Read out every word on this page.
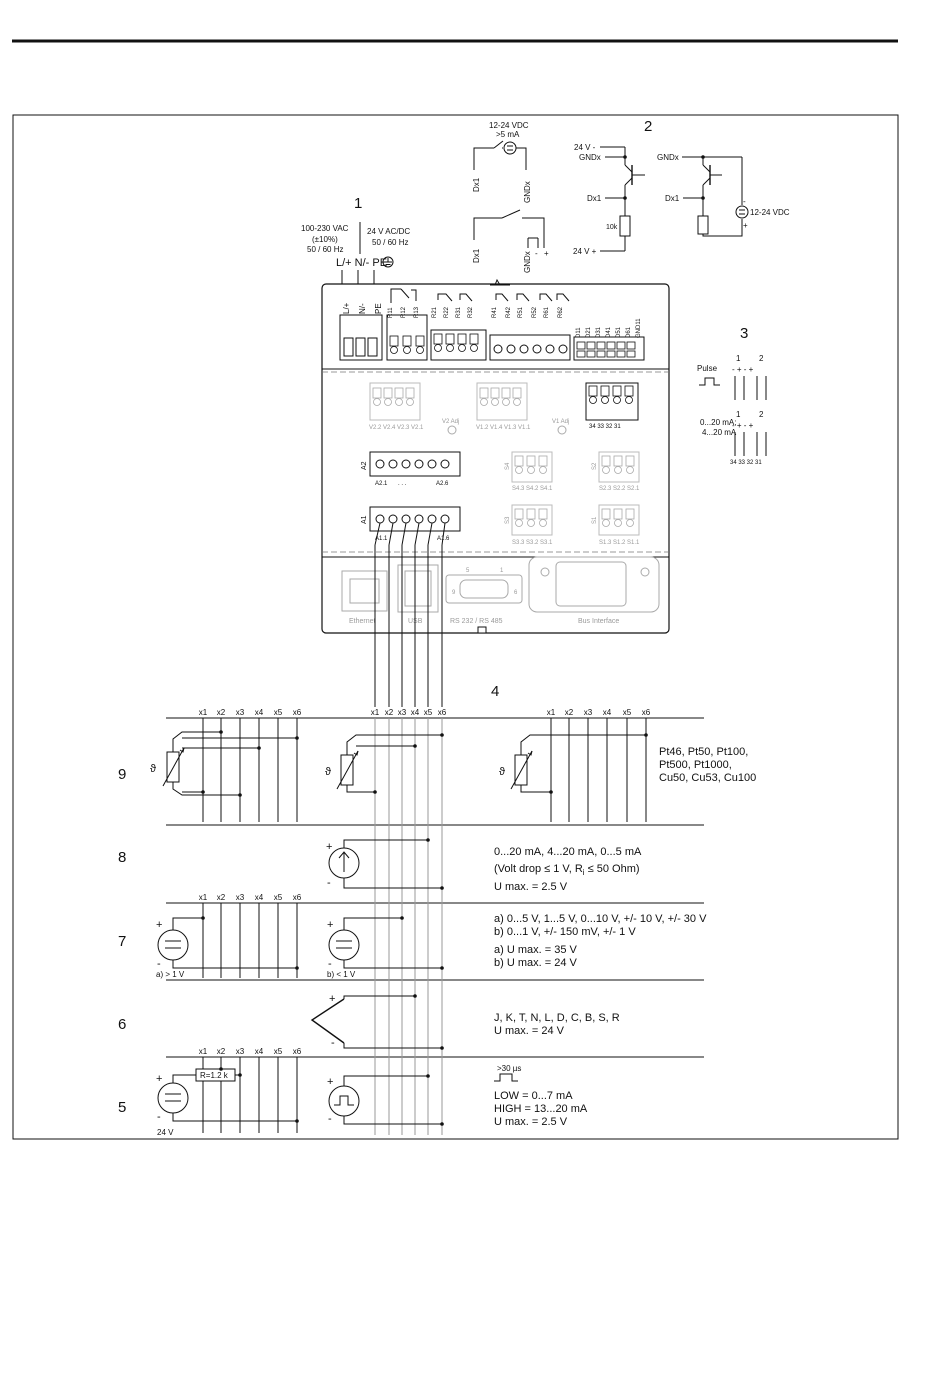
1
100-230 VAC
(±10%)
50 / 60 Hz
24 V AC/DC
50 / 60 Hz
L/+ N/- PE
2
12-24 VDC
>5 mA
Dx1	GNDx
Dx1	GNDx - +
24 V -
GNDx
Dx1
10k
24 V +
GNDx
Dx1
12-24 VDC
-
+
L/+ N/- PE
34 33 32 31
V2.2 V2.4 V2.3 V2.1
V2 Adj
V1.2 V1.4 V1.3 V1.1
V1 Adj
A2
A2.1 . . .	A2.6
A1
A1.1	A1.6
S4
S4.3 S4.2 S4.1
S2
S2.3 S2.2 S2.1
S3
S3.3 S3.2 S3.1
S1
S1.3 S1.2 S1.1
Ethernet	USB
5	1
9	6
RS 232 / RS 485	Bus Interface
R11 R12 R13 R21 R22 R31 R32	R41 R42 R51 R52 R61 R62
D11 D21 D31 D41 D51 D61 GND11	3
Pulse
1 2
- + - +
0...20 mA;
4...20 mA
1 2
- + - +
34 33 32 31
4
x1 x2 x3 x4 x5 x6	x1 x2 x3 x4 x5 x6	x1 x2 x3 x4 x5 x6
x1 x2 x3 x4 x5 x6
x1 x2 x3 x4 x5 x6
9
8
7
6
5
ϑ	ϑ	ϑ
Pt46, Pt50, Pt100,
Pt500, Pt1000,
Cu50, Cu53, Cu100
+
-
0...20 mA, 4...20 mA, 0...5 mA
(Volt drop ≤ 1 V, $R_i \le 50$ Ohm)
U max. = 2.5 V
+
-
a) > 1 V
+
-
b) < 1 V
a) 0...5 V, 1...5 V, 0...10 V, +/- 10 V, +/- 30 V
b) 0...1 V, +/- 150 mV, +/- 1 V
a) U max. = 35 V
b) U max. = 24 V
+
-
J, K, T, N, L, D, C, B, S, R
U max. = 24 V
+
-
R=1.2 k
24 V
+
-
>30 µs
LOW = 0...7 mA
HIGH = 13...20 mA
U max. = 2.5 V
